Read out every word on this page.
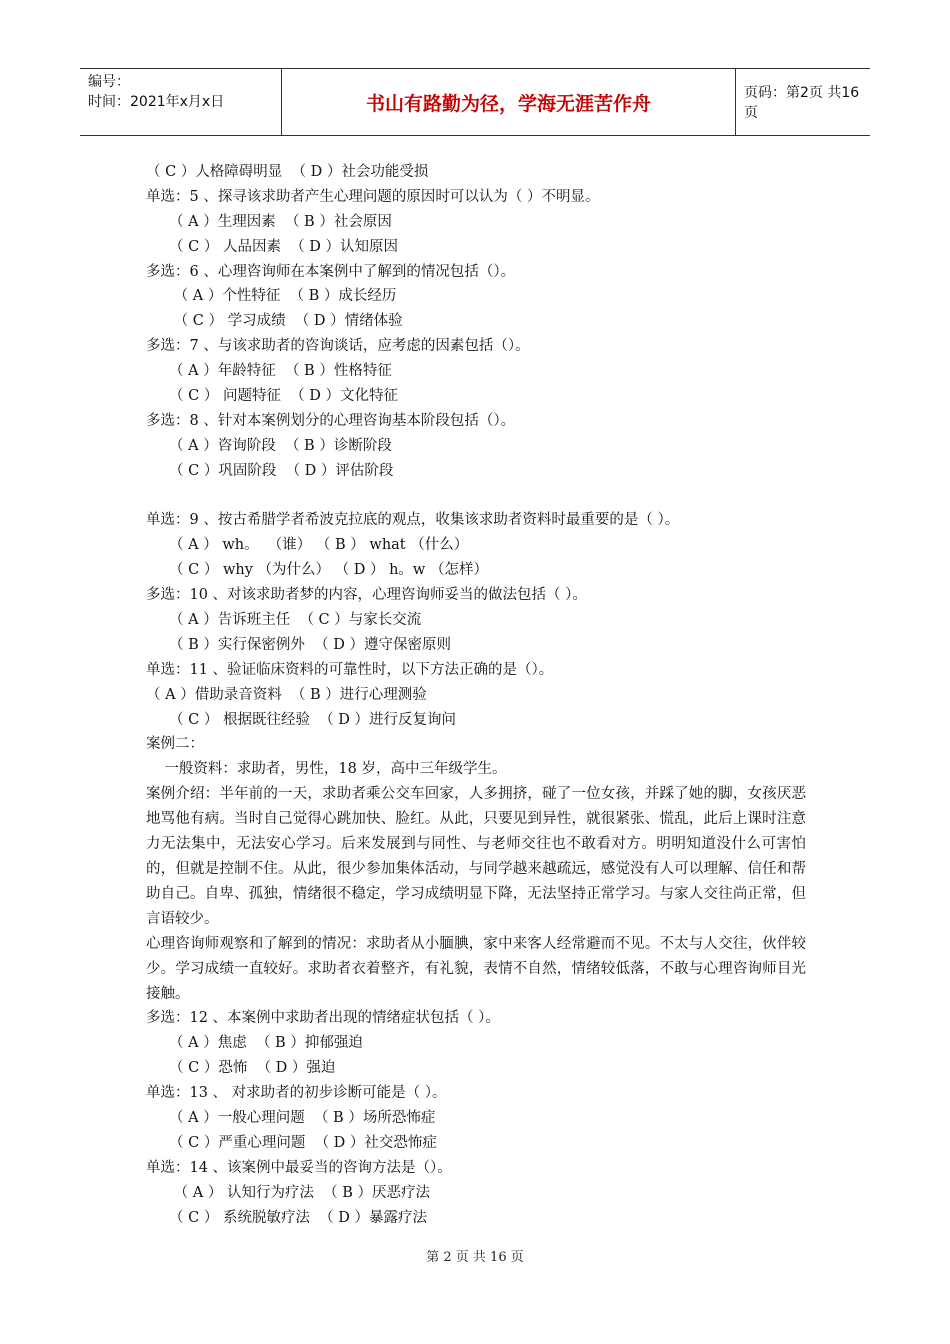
编号：
时间：2021年x月x日	书山有路勤为径，学海无涯苦作舟	页码：第2页 共16页
（ C ）人格障碍明显  （ D ）社会功能受损
单选：5 、探寻该求助者产生心理问题的原因时可以认为（ ）不明显。
（ A ）生理因素  （ B ）社会原因
（ C ） 人品因素  （ D ）认知原因
多选：6 、心理咨询师在本案例中了解到的情况包括（）。
（ A ）个性特征  （ B ）成长经历
（ C ） 学习成绩  （ D ）情绪体验
多选：7 、与该求助者的咨询谈话，应考虑的因素包括（）。
（ A ）年龄特征  （ B ）性格特征
（ C ） 问题特征  （ D ）文化特征
多选：8 、针对本案例划分的心理咨询基本阶段包括（）。
（ A ）咨询阶段  （ B ）诊断阶段
（ C ）巩固阶段  （ D ）评估阶段
单选：9 、按古希腊学者希波克拉底的观点，收集该求助者资料时最重要的是（ ）。
（ A ） wh。  （谁） （ B ） what （什么）
（ C ） why （为什么） （ D ） h。w （怎样）
多选：10 、对该求助者梦的内容，心理咨询师妥当的做法包括（ ）。
（ A ）告诉班主任  （ C ）与家长交流
（ B ）实行保密例外  （ D ）遵守保密原则
单选：11 、验证临床资料的可靠性时，以下方法正确的是（）。
（ A ）借助录音资料  （ B ）进行心理测验
（ C ） 根据既往经验  （ D ）进行反复询问
案例二：
一般资料：求助者，男性，18 岁，高中三年级学生。
案例介绍：半年前的一天，求助者乘公交车回家，人多拥挤，碰了一位女孩，并踩了她的脚，女孩厌恶地骂他有病。当时自己觉得心跳加快、脸红。从此，只要见到异性，就很紧张、慌乱，此后上课时注意力无法集中，无法安心学习。后来发展到与同性、与老师交往也不敢看对方。明明知道没什么可害怕的，但就是控制不住。从此，很少参加集体活动，与同学越来越疏远，感觉没有人可以理解、信任和帮助自己。自卑、孤独，情绪很不稳定，学习成绩明显下降，无法坚持正常学习。与家人交往尚正常，但言语较少。
心理咨询师观察和了解到的情况：求助者从小腼腆，家中来客人经常避而不见。不太与人交往，伙伴较少。学习成绩一直较好。求助者衣着整齐，有礼貌，表情不自然，情绪较低落，不敢与心理咨询师目光接触。
多选：12 、本案例中求助者出现的情绪症状包括（ ）。
（ A ）焦虑  （ B ）抑郁强迫
（ C ）恐怖  （ D ）强迫
单选：13 、 对求助者的初步诊断可能是（ ）。
（ A ）一般心理问题  （ B ）场所恐怖症
（ C ）严重心理问题  （ D ）社交恐怖症
单选：14 、该案例中最妥当的咨询方法是（）。
（ A ） 认知行为疗法  （ B ）厌恶疗法
（ C ） 系统脱敏疗法  （ D ）暴露疗法
第 2 页 共 16 页
